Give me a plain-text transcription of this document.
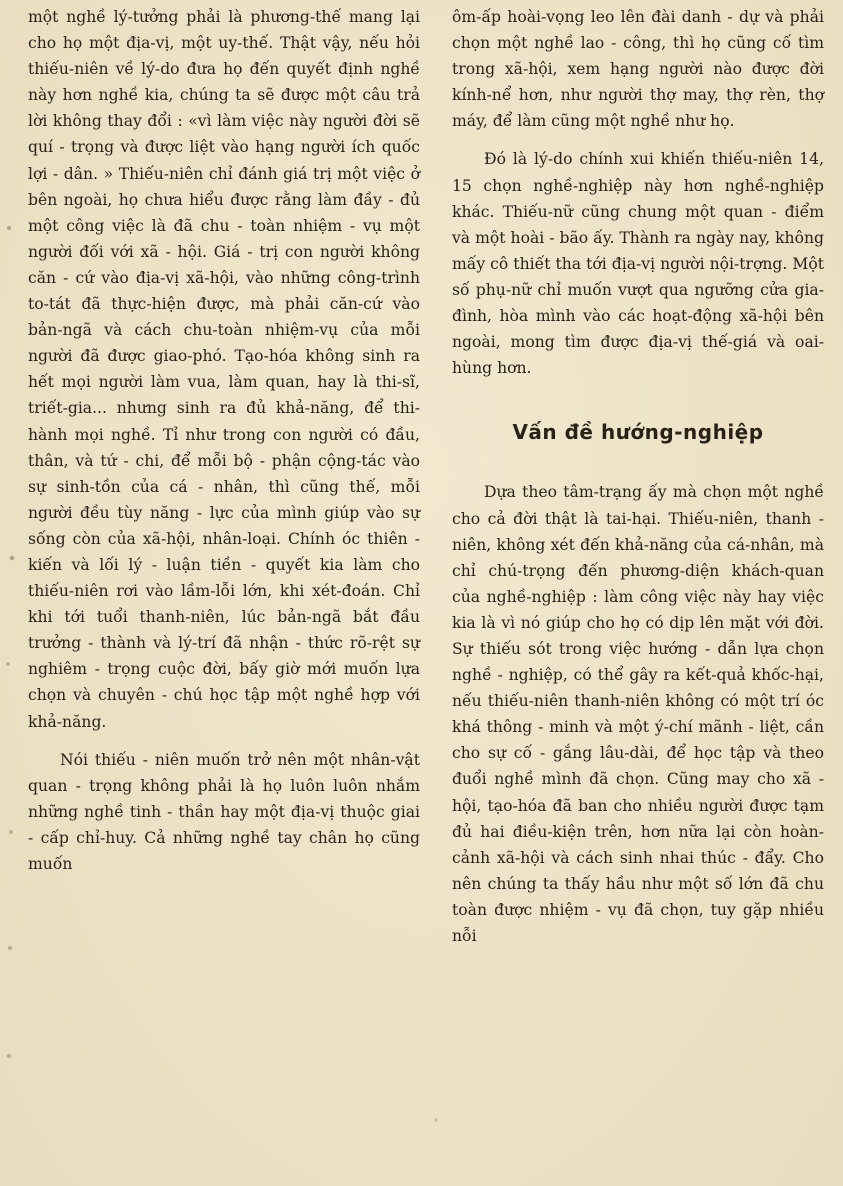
một nghề lý-tưởng phải là phương-thế mang lại cho họ một địa-vị, một uy-thế. Thật vậy, nếu hỏi thiếu-niên về lý-do đưa họ đến quyết định nghề này hơn nghề kia, chúng ta sẽ được một câu trả lời không thay đổi : «vì làm việc này người đời sẽ quí - trọng và được liệt vào hạng người ích quốc lợi - dân. » Thiếu-niên chỉ đánh giá trị một việc ở bên ngoài, họ chưa hiểu được rằng làm đầy - đủ một công việc là đã chu - toàn nhiệm - vụ một người đối với xã - hội. Giá - trị con người không căn - cứ vào địa-vị xã-hội, vào những công-trình to-tát đã thực-hiện được, mà phải căn-cứ vào bản-ngã và cách chu-toàn nhiệm-vụ của mỗi người đã được giao-phó. Tạo-hóa không sinh ra hết mọi người làm vua, làm quan, hay là thi-sĩ, triết-gia... nhưng sinh ra đủ khả-năng, để thi-hành mọi nghề. Tỉ như trong con người có đầu, thân, và tứ - chi, để mỗi bộ - phận cộng-tác vào sự sinh-tồn của cá - nhân, thì cũng thế, mỗi người đều tùy năng - lực của mình giúp vào sự sống còn của xã-hội, nhân-loại. Chính óc thiên - kiến và lối lý - luận tiền - quyết kia làm cho thiếu-niên rơi vào lầm-lỗi lớn, khi xét-đoán. Chỉ khi tới tuổi thanh-niên, lúc bản-ngã bắt đầu trưởng - thành và lý-trí đã nhận - thức rõ-rệt sự nghiêm - trọng cuộc đời, bấy giờ mới muốn lựa chọn và chuyên - chú học tập một nghề hợp với khả-năng.

Nói thiếu - niên muốn trở nên một nhân-vật quan - trọng không phải là họ luôn luôn nhắm những nghề tinh - thần hay một địa-vị thuộc giai - cấp chỉ-huy. Cả những nghề tay chân họ cũng muốn

ôm-ấp hoài-vọng leo lên đài danh - dự và phải chọn một nghề lao - công, thì họ cũng cố tìm trong xã-hội, xem hạng người nào được đời kính-nể hơn, như người thợ may, thợ rèn, thợ máy, để làm cũng một nghề như họ.

Đó là lý-do chính xui khiến thiếu-niên 14, 15 chọn nghề-nghiệp này hơn nghề-nghiệp khác. Thiếu-nữ cũng chung một quan - điểm và một hoài - bão ấy. Thành ra ngày nay, không mấy cô thiết tha tới địa-vị người nội-trợng. Một số phụ-nữ chỉ muốn vượt qua ngưỡng cửa gia-đình, hòa mình vào các hoạt-động xã-hội bên ngoài, mong tìm được địa-vị thế-giá và oai-hùng hơn.

Vấn đề hướng-nghiệp

Dựa theo tâm-trạng ấy mà chọn một nghề cho cả đời thật là tai-hại. Thiếu-niên, thanh - niên, không xét đến khả-năng của cá-nhân, mà chỉ chú-trọng đến phương-diện khách-quan của nghề-nghiệp : làm công việc này hay việc kia là vì nó giúp cho họ có dịp lên mặt với đời. Sự thiếu sót trong việc hướng - dẫn lựa chọn nghề - nghiệp, có thể gây ra kết-quả khốc-hại, nếu thiếu-niên thanh-niên không có một trí óc khá thông - minh và một ý-chí mãnh - liệt, cần cho sự cố - gắng lâu-dài, để học tập và theo đuổi nghề mình đã chọn. Cũng may cho xã - hội, tạo-hóa đã ban cho nhiều người được tạm đủ hai điều-kiện trên, hơn nữa lại còn hoàn-cảnh xã-hội và cách sinh nhai thúc - đẩy. Cho nên chúng ta thấy hầu như một số lớn đã chu toàn được nhiệm - vụ đã chọn, tuy gặp nhiều nỗi
